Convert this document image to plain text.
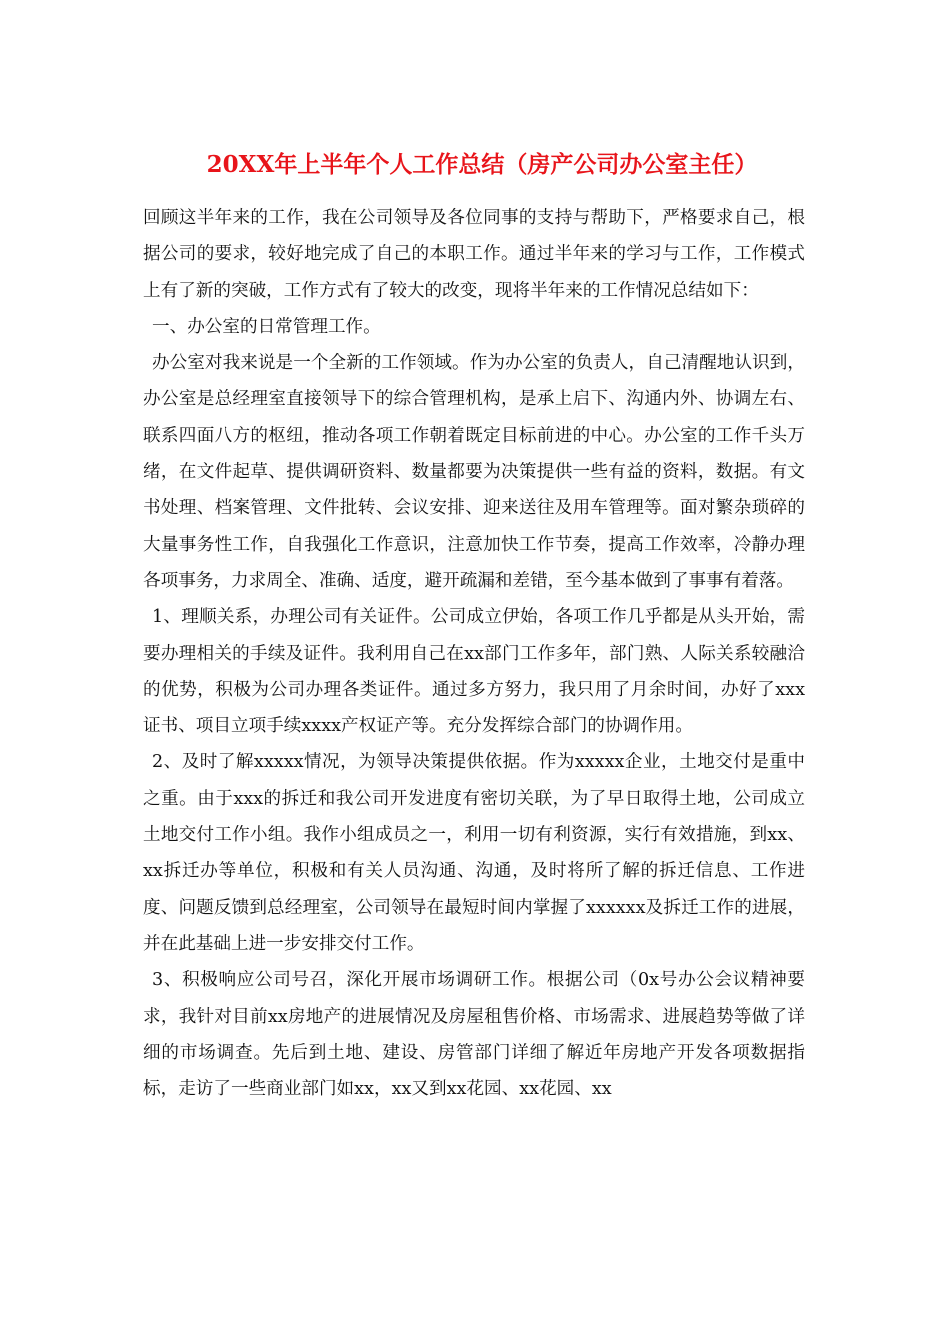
20XX年上半年个人工作总结（房产公司办公室主任）

回顾这半年来的工作，我在公司领导及各位同事的支持与帮助下，严格要求自己，根据公司的要求，较好地完成了自己的本职工作。通过半年来的学习与工作，工作模式上有了新的突破，工作方式有了较大的改变，现将半年来的工作情况总结如下：

一、办公室的日常管理工作。

办公室对我来说是一个全新的工作领域。作为办公室的负责人，自己清醒地认识到，办公室是总经理室直接领导下的综合管理机构，是承上启下、沟通内外、协调左右、联系四面八方的枢纽，推动各项工作朝着既定目标前进的中心。办公室的工作千头万绪，在文件起草、提供调研资料、数量都要为决策提供一些有益的资料，数据。有文书处理、档案管理、文件批转、会议安排、迎来送往及用车管理等。面对繁杂琐碎的大量事务性工作，自我强化工作意识，注意加快工作节奏，提高工作效率，冷静办理各项事务，力求周全、准确、适度，避开疏漏和差错，至今基本做到了事事有着落。

1、理顺关系，办理公司有关证件。公司成立伊始，各项工作几乎都是从头开始，需要办理相关的手续及证件。我利用自己在xx部门工作多年，部门熟、人际关系较融洽的优势，积极为公司办理各类证件。通过多方努力，我只用了月余时间，办好了xxx证书、项目立项手续xxxx产权证产等。充分发挥综合部门的协调作用。

2、及时了解xxxxx情况，为领导决策提供依据。作为xxxxx企业，土地交付是重中之重。由于xxx的拆迁和我公司开发进度有密切关联，为了早日取得土地，公司成立土地交付工作小组。我作小组成员之一，利用一切有利资源，实行有效措施，到xx、xx拆迁办等单位，积极和有关人员沟通、沟通，及时将所了解的拆迁信息、工作进度、问题反馈到总经理室，公司领导在最短时间内掌握了xxxxxx及拆迁工作的进展，并在此基础上进一步安排交付工作。

3、积极响应公司号召，深化开展市场调研工作。根据公司（0x号办公会议精神要求，我针对目前xx房地产的进展情况及房屋租售价格、市场需求、进展趋势等做了详细的市场调查。先后到土地、建设、房管部门详细了解近年房地产开发各项数据指标，走访了一些商业部门如xx，xx又到xx花园、xx花园、xx
